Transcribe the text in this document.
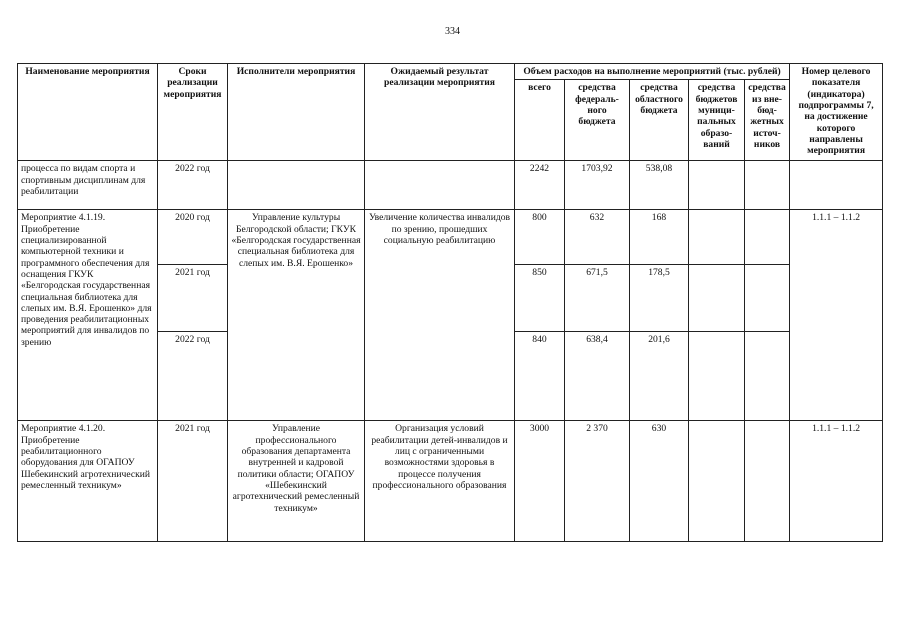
334
Наименование мероприятия	Сроки реализации мероприятия	Исполнители мероприятия	Ожидаемый результат реализации мероприятия	Объем расходов на выполнение мероприятий (тыс. рублей)					Номер целевого показателя (индикатора) подпрограммы 7, на достижение которого направлены мероприятия
				всего	средства федераль-ного бюджета	средства областного бюджета	средства бюджетов муници-пальных образо-ваний	средства из вне-бюд-жетных источ-ников	
процесса по видам спорта и спортивным дисциплинам для реабилитации	2022 год			2242	1703,92	538,08			
Мероприятие 4.1.19. Приобретение специализированной компьютерной техники и программного обеспечения для оснащения ГКУК «Белгородская государственная специальная библиотека для слепых им. В.Я. Ерошенко» для проведения реабилитационных мероприятий для инвалидов по зрению	2020 год	Управление культуры Белгородской области; ГКУК «Белгородская государственная специальная библиотека для слепых им. В.Я. Ерошенко»	Увеличение количества инвалидов по зрению, прошедших социальную реабилитацию	800	632	168			1.1.1 – 1.1.2
	2021 год			850	671,5	178,5			
	2022 год			840	638,4	201,6			
Мероприятие 4.1.20. Приобретение реабилитационного оборудования для ОГАПОУ Шебекинский агротехнический ремесленный техникум»	2021 год	Управление профессионального образования департамента внутренней и кадровой политики области; ОГАПОУ «Шебекинский агротехнический ремесленный техникум»	Организация условий реабилитации детей-инвалидов и лиц с ограниченными возможностями здоровья в процессе получения профессионального образования	3000	2 370	630			1.1.1 – 1.1.2
